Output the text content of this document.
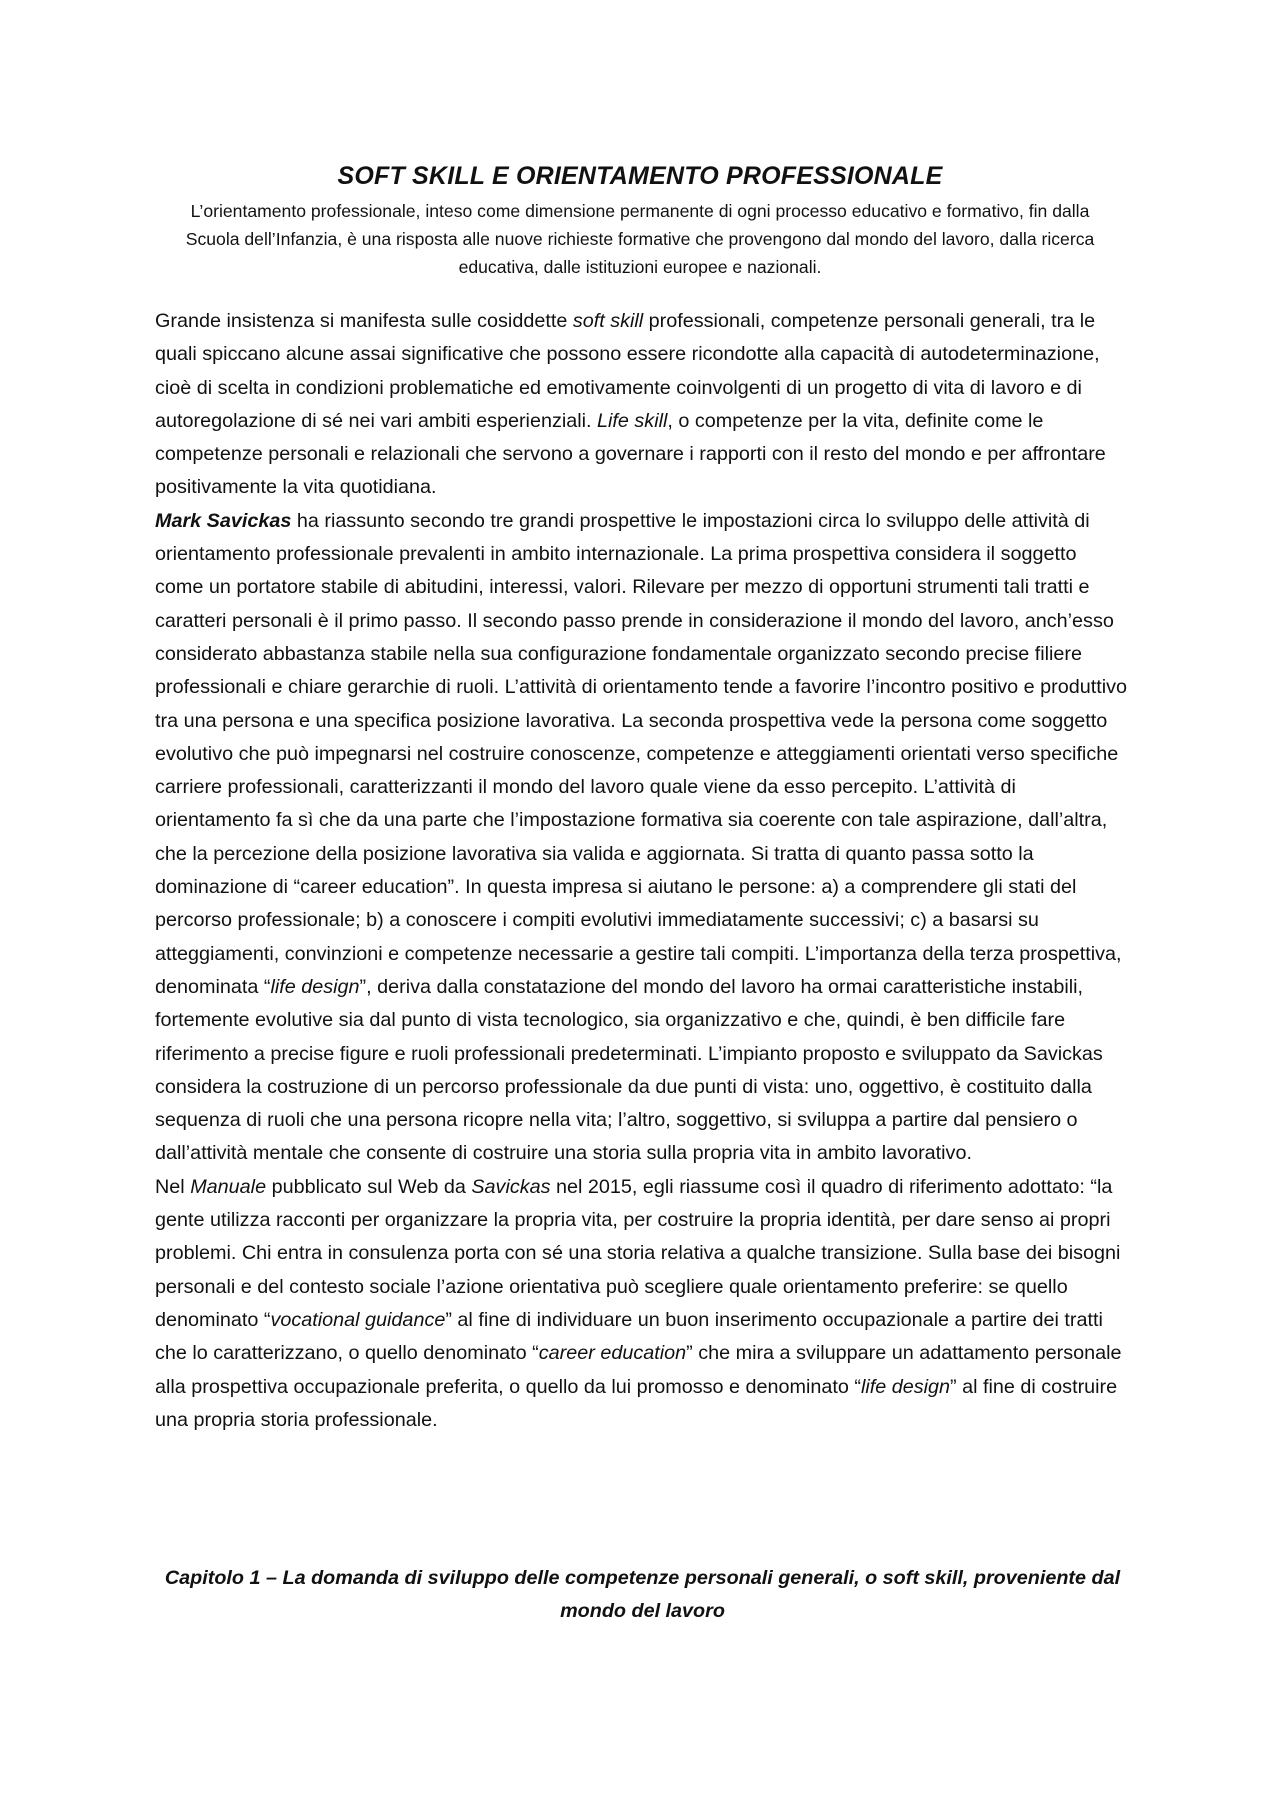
SOFT SKILL E ORIENTAMENTO PROFESSIONALE
L’orientamento professionale, inteso come dimensione permanente di ogni processo educativo e formativo, fin dalla Scuola dell’Infanzia, è una risposta alle nuove richieste formative che provengono dal mondo del lavoro, dalla ricerca educativa, dalle istituzioni europee e nazionali.

Grande insistenza si manifesta sulle cosiddette soft skill professionali, competenze personali generali, tra le quali spiccano alcune assai significative che possono essere ricondotte alla capacità di autodeterminazione, cioè di scelta in condizioni problematiche ed emotivamente coinvolgenti di un progetto di vita di lavoro e di autoregolazione di sé nei vari ambiti esperienziali. Life skill, o competenze per la vita, definite come le competenze personali e relazionali che servono a governare i rapporti con il resto del mondo e per affrontare positivamente la vita quotidiana.

Mark Savickas ha riassunto secondo tre grandi prospettive le impostazioni circa lo sviluppo delle attività di orientamento professionale prevalenti in ambito internazionale. La prima prospettiva considera il soggetto come un portatore stabile di abitudini, interessi, valori. Rilevare per mezzo di opportuni strumenti tali tratti e caratteri personali è il primo passo. Il secondo passo prende in considerazione il mondo del lavoro, anch’esso considerato abbastanza stabile nella sua configurazione fondamentale organizzato secondo precise filiere professionali e chiare gerarchie di ruoli. L’attività di orientamento tende a favorire l’incontro positivo e produttivo tra una persona e una specifica posizione lavorativa. La seconda prospettiva vede la persona come soggetto evolutivo che può impegnarsi nel costruire conoscenze, competenze e atteggiamenti orientati verso specifiche carriere professionali, caratterizzanti il mondo del lavoro quale viene da esso percepito. L’attività di orientamento fa sì che da una parte che l’impostazione formativa sia coerente con tale aspirazione, dall’altra, che la percezione della posizione lavorativa sia valida e aggiornata. Si tratta di quanto passa sotto la dominazione di “career education”. In questa impresa si aiutano le persone: a) a comprendere gli stati del percorso professionale; b) a conoscere i compiti evolutivi immediatamente successivi; c) a basarsi su atteggiamenti, convinzioni e competenze necessarie a gestire tali compiti. L’importanza della terza prospettiva, denominata “life design”, deriva dalla constatazione del mondo del lavoro ha ormai caratteristiche instabili, fortemente evolutive sia dal punto di vista tecnologico, sia organizzativo e che, quindi, è ben difficile fare riferimento a precise figure e ruoli professionali predeterminati. L’impianto proposto e sviluppato da Savickas considera la costruzione di un percorso professionale da due punti di vista: uno, oggettivo, è costituito dalla sequenza di ruoli che una persona ricopre nella vita; l’altro, soggettivo, si sviluppa a partire dal pensiero o dall’attività mentale che consente di costruire una storia sulla propria vita in ambito lavorativo.

Nel Manuale pubblicato sul Web da Savickas nel 2015, egli riassume così il quadro di riferimento adottato: “la gente utilizza racconti per organizzare la propria vita, per costruire la propria identità, per dare senso ai propri problemi. Chi entra in consulenza porta con sé una storia relativa a qualche transizione. Sulla base dei bisogni personali e del contesto sociale l’azione orientativa può scegliere quale orientamento preferire: se quello denominato “vocational guidance” al fine di individuare un buon inserimento occupazionale a partire dei tratti che lo caratterizzano, o quello denominato “career education” che mira a sviluppare un adattamento personale alla prospettiva occupazionale preferita, o quello da lui promosso e denominato “life design” al fine di costruire una propria storia professionale.

Capitolo 1 – La domanda di sviluppo delle competenze personali generali, o soft skill, proveniente dal mondo del lavoro
